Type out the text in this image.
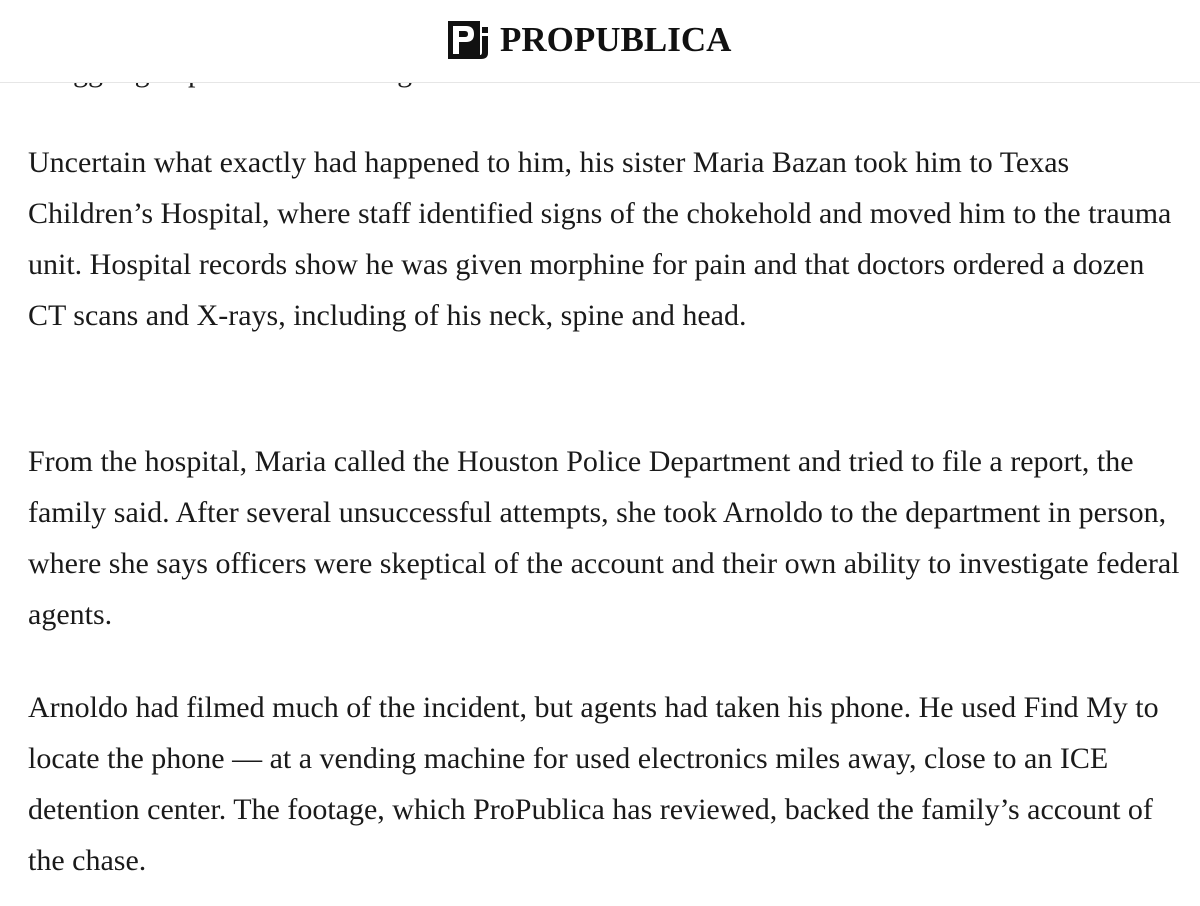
PROPUBLICA

Uncertain what exactly had happened to him, his sister Maria Bazan took him to Texas Children’s Hospital, where staff identified signs of the chokehold and moved him to the trauma unit. Hospital records show he was given morphine for pain and that doctors ordered a dozen CT scans and X-rays, including of his neck, spine and head.

From the hospital, Maria called the Houston Police Department and tried to file a report, the family said. After several unsuccessful attempts, she took Arnoldo to the department in person, where she says officers were skeptical of the account and their own ability to investigate federal agents.

Arnoldo had filmed much of the incident, but agents had taken his phone. He used Find My to locate the phone — at a vending machine for used electronics miles away, close to an ICE detention center. The footage, which ProPublica has reviewed, backed the family’s account of the chase.
